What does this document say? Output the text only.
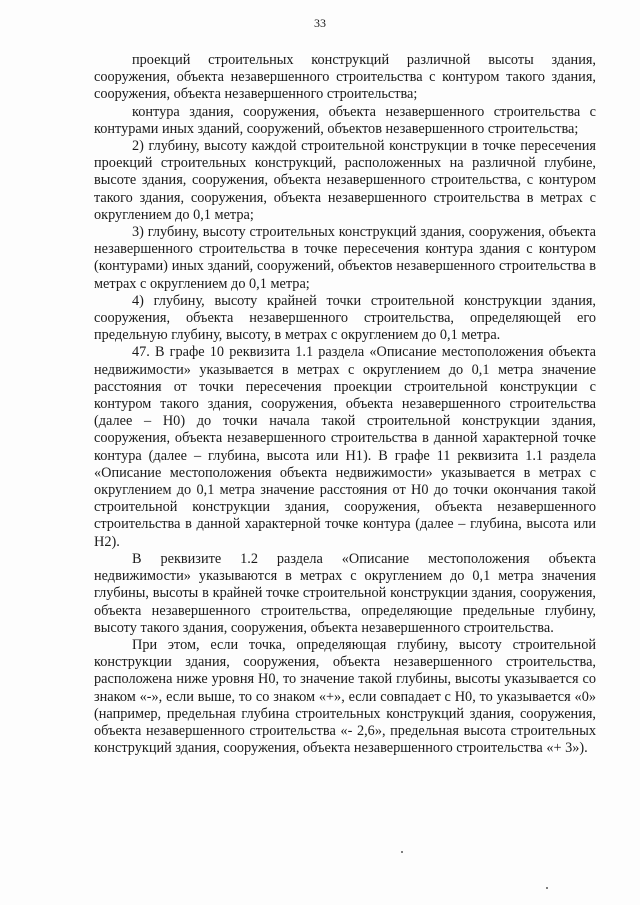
33

проекций строительных конструкций различной высоты здания, сооружения, объекта незавершенного строительства с контуром такого здания, сооружения, объекта незавершенного строительства;

контура здания, сооружения, объекта незавершенного строительства с контурами иных зданий, сооружений, объектов незавершенного строительства;

2) глубину, высоту каждой строительной конструкции в точке пересечения проекций строительных конструкций, расположенных на различной глубине, высоте здания, сооружения, объекта незавершенного строительства, с контуром такого здания, сооружения, объекта незавершенного строительства в метрах с округлением до 0,1 метра;

3) глубину, высоту строительных конструкций здания, сооружения, объекта незавершенного строительства в точке пересечения контура здания с контуром (контурами) иных зданий, сооружений, объектов незавершенного строительства в метрах с округлением до 0,1 метра;

4) глубину, высоту крайней точки строительной конструкции здания, сооружения, объекта незавершенного строительства, определяющей его предельную глубину, высоту, в метрах с округлением до 0,1 метра.

47. В графе 10 реквизита 1.1 раздела «Описание местоположения объекта недвижимости» указывается в метрах с округлением до 0,1 метра значение расстояния от точки пересечения проекции строительной конструкции с контуром такого здания, сооружения, объекта незавершенного строительства (далее – Н0) до точки начала такой строительной конструкции здания, сооружения, объекта незавершенного строительства в данной характерной точке контура (далее – глубина, высота или Н1). В графе 11 реквизита 1.1 раздела «Описание местоположения объекта недвижимости» указывается в метрах с округлением до 0,1 метра значение расстояния от Н0 до точки окончания такой строительной конструкции здания, сооружения, объекта незавершенного строительства в данной характерной точке контура (далее – глубина, высота или Н2).

В реквизите 1.2 раздела «Описание местоположения объекта недвижимости» указываются в метрах с округлением до 0,1 метра значения глубины, высоты в крайней точке строительной конструкции здания, сооружения, объекта незавершенного строительства, определяющие предельные глубину, высоту такого здания, сооружения, объекта незавершенного строительства.

При этом, если точка, определяющая глубину, высоту строительной конструкции здания, сооружения, объекта незавершенного строительства, расположена ниже уровня Н0, то значение такой глубины, высоты указывается со знаком «-», если выше, то со знаком «+», если совпадает с Н0, то указывается «0» (например, предельная глубина строительных конструкций здания, сооружения, объекта незавершенного строительства «- 2,6», предельная высота строительных конструкций здания, сооружения, объекта незавершенного строительства «+ 3»).
